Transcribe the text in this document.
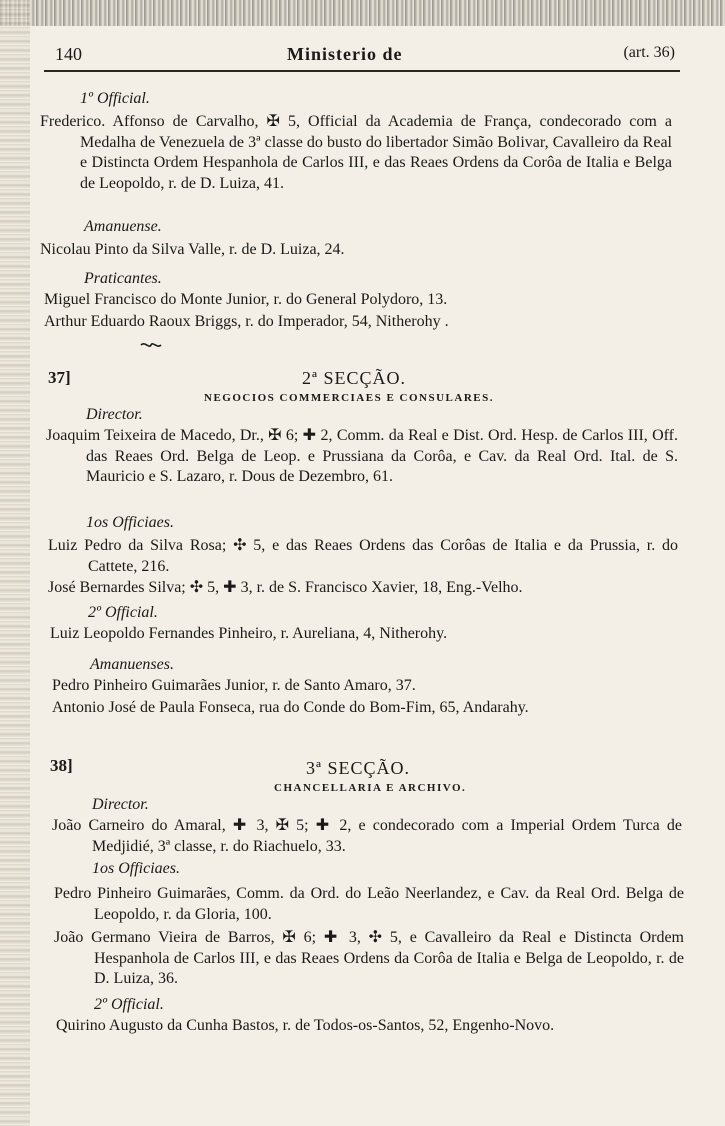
140	Ministerio de	(art. 36)
1º Official.
Frederico. Affonso de Carvalho, ✠ 5, Official da Academia de França, condecorado com a Medalha de Venezuela de 3ª classe do busto do libertador Simão Bolivar, Cavalleiro da Real e Distincta Ordem Hespanhola de Carlos III, e das Reaes Ordens da Corôa de Italia e Belga de Leopoldo, r. de D. Luiza, 41.
Amanuense.
Nicolau Pinto da Silva Valle, r. de D. Luiza, 24.
Praticantes.
Miguel Francisco do Monte Junior, r. do General Polydoro, 13.
Arthur Eduardo Raoux Briggs, r. do Imperador, 54, Nitherohy .
37]	2ª SECÇÃO.
NEGOCIOS COMMERCIAES E CONSULARES.
Director.
Joaquim Teixeira de Macedo, Dr., ✠ 6; ✚ 2, Comm. da Real e Dist. Ord. Hesp. de Carlos III, Off. das Reaes Ord. Belga de Leop. e Prussiana da Corôa, e Cav. da Real Ord. Ital. de S. Mauricio e S. Lazaro, r. Dous de Dezembro, 61.
1os Officiaes.
Luiz Pedro da Silva Rosa; ✣ 5, e das Reaes Ordens das Corôas de Italia e da Prussia, r. do Cattete, 216.
José Bernardes Silva; ✣ 5, ✚ 3, r. de S. Francisco Xavier, 18, Eng.-Velho.
2º Official.
Luiz Leopoldo Fernandes Pinheiro, r. Aureliana, 4, Nitherohy.
Amanuenses.
Pedro Pinheiro Guimarães Junior, r. de Santo Amaro, 37.
Antonio José de Paula Fonseca, rua do Conde do Bom-Fim, 65, Andarahy.
38]	3ª SECÇÃO.
CHANCELLARIA E ARCHIVO.
Director.
João Carneiro do Amaral, ✚ 3, ✠ 5; ✚ 2, e condecorado com a Imperial Ordem Turca de Medjidié, 3ª classe, r. do Riachuelo, 33.
1os Officiaes.
Pedro Pinheiro Guimarães, Comm. da Ord. do Leão Neerlandez, e Cav. da Real Ord. Belga de Leopoldo, r. da Gloria, 100.
João Germano Vieira de Barros, ✠ 6; ✚ 3, ✣ 5, e Cavalleiro da Real e Distincta Ordem Hespanhola de Carlos III, e das Reaes Ordens da Corôa de Italia e Belga de Leopoldo, r. de D. Luiza, 36.
2º Official.
Quirino Augusto da Cunha Bastos, r. de Todos-os-Santos, 52, Engenho-Novo.
